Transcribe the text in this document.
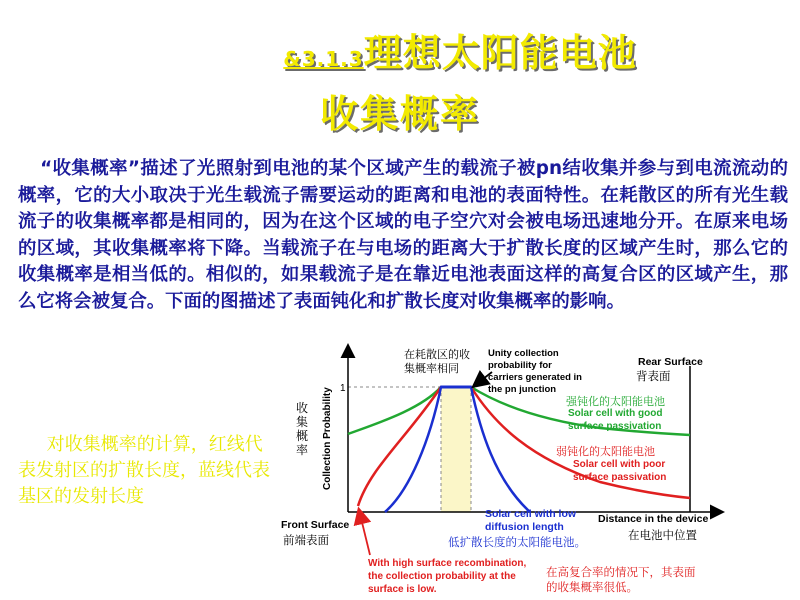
&3.1.3理想太阳能电池
收集概率
“收集概率”描述了光照射到电池的某个区域产生的载流子被pn结收集并参与到电流流动的概率，它的大小取决于光生载流子需要运动的距离和电池的表面特性。在耗散区的所有光生载流子的收集概率都是相同的，因为在这个区域的电子空穴对会被电场迅速地分开。在原来电场的区域，其收集概率将下降。当载流子在与电场的距离大于扩散长度的区域产生时，那么它的收集概率是相当低的。相似的，如果载流子是在靠近电池表面这样的高复合区的区域产生，那么它将会被复合。下面的图描述了表面钝化和扩散长度对收集概率的影响。
对收集概率的计算，红线代表发射区的扩散长度，蓝线代表基区的发射长度
Collection Probability
收
集
概
率
1
Distance in the device
在电池中位置
Front Surface
前端表面
Rear Surface
背表面
在耗散区的收
集概率相同
Unity collection
probability for
carriers generated in
the pn junction
强钝化的太阳能电池
Solar cell with good
surface passivation
弱钝化的太阳能电池
Solar cell with poor
surface passivation
Solar cell with low
diffusion length
低扩散长度的太阳能电池。
With high surface recombination,
the collection probability at the
surface is low.
在高复合率的情况下，其表面
的收集概率很低。
